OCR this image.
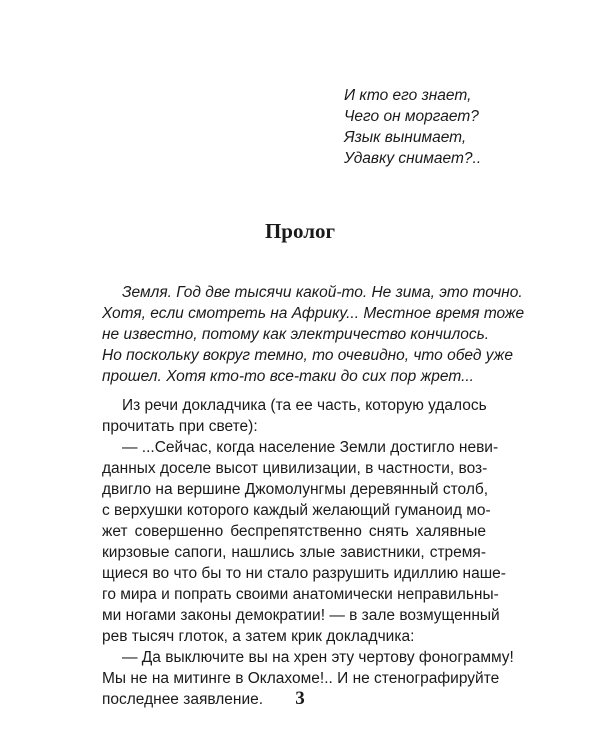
И кто его знает,
Чего он моргает?
Язык вынимает,
Удавку снимает?..
Пролог
Земля. Год две тысячи какой-то. Не зима, это точно.
Хотя, если смотреть на Африку... Местное время тоже
не известно, потому как электричество кончилось.
Но поскольку вокруг темно, то очевидно, что обед уже
прошел. Хотя кто-то все-таки до сих пор жрет...
Из речи докладчика (та ее часть, которую удалось
прочитать при свете):
— ...Сейчас, когда население Земли достигло неви-
данных доселе высот цивилизации, в частности, воз-
двигло на вершине Джомолунгмы деревянный столб,
с верхушки которого каждый желающий гуманоид мо-
жет совершенно беспрепятственно снять халявные
кирзовые сапоги, нашлись злые завистники, стремя-
щиеся во что бы то ни стало разрушить идиллию наше-
го мира и попрать своими анатомически неправильны-
ми ногами законы демократии! — в зале возмущенный
рев тысяч глоток, а затем крик докладчика:
— Да выключите вы на хрен эту чертову фонограмму!
Мы не на митинге в Оклахоме!.. И не стенографируйте
последнее заявление.	3
